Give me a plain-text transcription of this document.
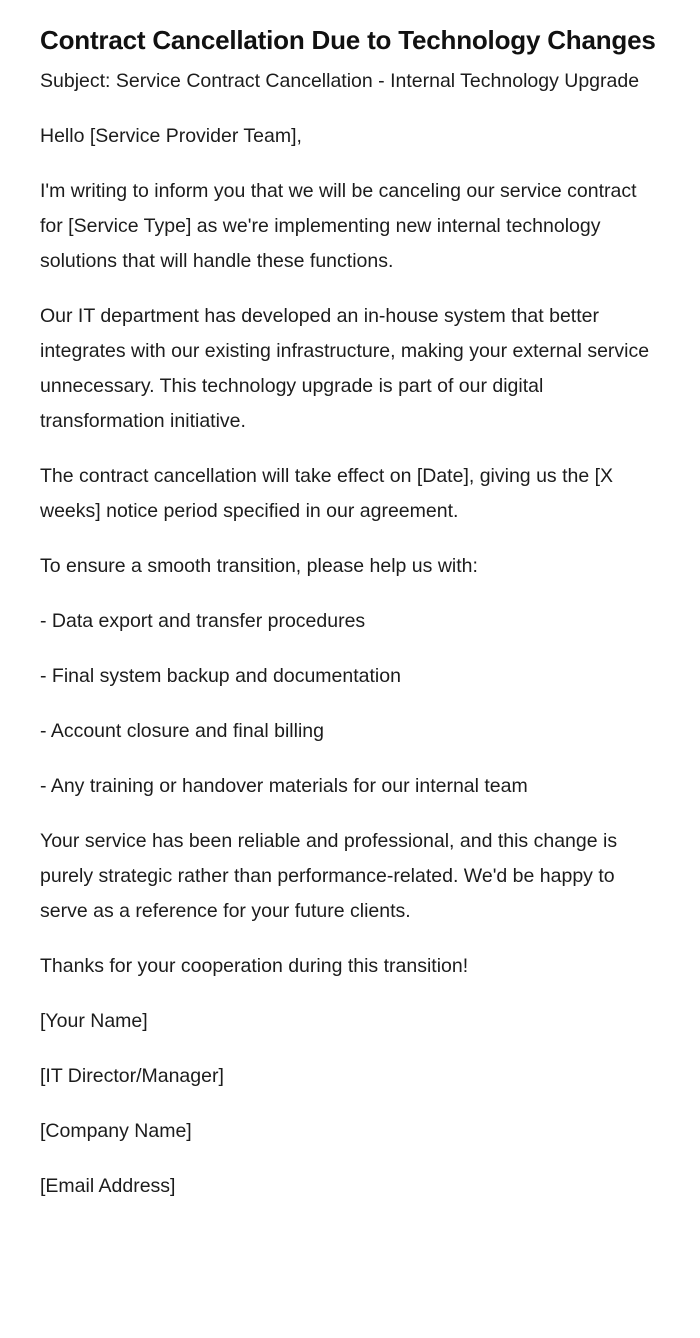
Contract Cancellation Due to Technology Changes

Subject: Service Contract Cancellation - Internal Technology Upgrade

Hello [Service Provider Team],

I'm writing to inform you that we will be canceling our service contract for [Service Type] as we're implementing new internal technology solutions that will handle these functions.

Our IT department has developed an in-house system that better integrates with our existing infrastructure, making your external service unnecessary. This technology upgrade is part of our digital transformation initiative.

The contract cancellation will take effect on [Date], giving us the [X weeks] notice period specified in our agreement.

To ensure a smooth transition, please help us with:

- Data export and transfer procedures

- Final system backup and documentation

- Account closure and final billing

- Any training or handover materials for our internal team

Your service has been reliable and professional, and this change is purely strategic rather than performance-related. We'd be happy to serve as a reference for your future clients.

Thanks for your cooperation during this transition!

[Your Name]

[IT Director/Manager]

[Company Name]

[Email Address]
